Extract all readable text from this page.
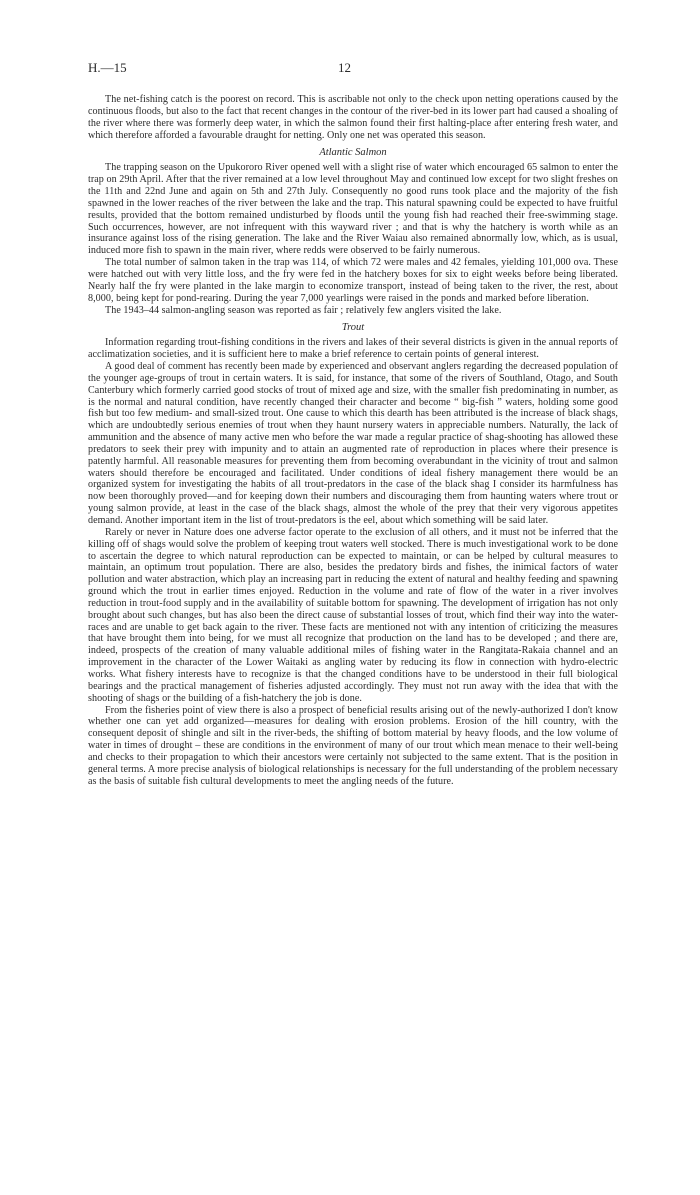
H.—15	12

The net-fishing catch is the poorest on record. This is ascribable not only to the check upon netting operations caused by the continuous floods, but also to the fact that recent changes in the contour of the river-bed in its lower part had caused a shoaling of the river where there was formerly deep water, in which the salmon found their first halting-place after entering fresh water, and which therefore afforded a favourable draught for netting. Only one net was operated this season.

Atlantic Salmon

The trapping season on the Upukororo River opened well with a slight rise of water which encouraged 65 salmon to enter the trap on 29th April. After that the river remained at a low level throughout May and continued low except for two slight freshes on the 11th and 22nd June and again on 5th and 27th July. Consequently no good runs took place and the majority of the fish spawned in the lower reaches of the river between the lake and the trap. This natural spawning could be expected to have fruitful results, provided that the bottom remained undisturbed by floods until the young fish had reached their free-swimming stage. Such occurrences, however, are not infrequent with this wayward river ; and that is why the hatchery is worth while as an insurance against loss of the rising generation. The lake and the River Waiau also remained abnormally low, which, as is usual, induced more fish to spawn in the main river, where redds were observed to be fairly numerous.

The total number of salmon taken in the trap was 114, of which 72 were males and 42 females, yielding 101,000 ova. These were hatched out with very little loss, and the fry were fed in the hatchery boxes for six to eight weeks before being liberated. Nearly half the fry were planted in the lake margin to economize transport, instead of being taken to the river, the rest, about 8,000, being kept for pond-rearing. During the year 7,000 yearlings were raised in the ponds and marked before liberation.

The 1943–44 salmon-angling season was reported as fair ; relatively few anglers visited the lake.

Trout

Information regarding trout-fishing conditions in the rivers and lakes of their several districts is given in the annual reports of acclimatization societies, and it is sufficient here to make a brief reference to certain points of general interest.

A good deal of comment has recently been made by experienced and observant anglers regarding the decreased population of the younger age-groups of trout in certain waters. It is said, for instance, that some of the rivers of Southland, Otago, and South Canterbury which formerly carried good stocks of trout of mixed age and size, with the smaller fish predominating in number, as is the normal and natural condition, have recently changed their character and become “ big-fish ” waters, holding some good fish but too few medium- and small-sized trout. One cause to which this dearth has been attributed is the increase of black shags, which are undoubtedly serious enemies of trout when they haunt nursery waters in appreciable numbers. Naturally, the lack of ammunition and the absence of many active men who before the war made a regular practice of shag-shooting has allowed these predators to seek their prey with impunity and to attain an augmented rate of reproduction in places where their presence is patently harmful. All reasonable measures for preventing them from becoming overabundant in the vicinity of trout and salmon waters should therefore be encouraged and facilitated. Under conditions of ideal fishery management there would be an organized system for investigating the habits of all trout-predators in the case of the black shag I consider its harmfulness has now been thoroughly proved—and for keeping down their numbers and discouraging them from haunting waters where trout or young salmon provide, at least in the case of the black shags, almost the whole of the prey that their very vigorous appetites demand. Another important item in the list of trout-predators is the eel, about which something will be said later.

Rarely or never in Nature does one adverse factor operate to the exclusion of all others, and it must not be inferred that the killing off of shags would solve the problem of keeping trout waters well stocked. There is much investigational work to be done to ascertain the degree to which natural reproduction can be expected to maintain, or can be helped by cultural measures to maintain, an optimum trout population. There are also, besides the predatory birds and fishes, the inimical factors of water pollution and water abstraction, which play an increasing part in reducing the extent of natural and healthy feeding and spawning ground which the trout in earlier times enjoyed. Reduction in the volume and rate of flow of the water in a river involves reduction in trout-food supply and in the availability of suitable bottom for spawning. The development of irrigation has not only brought about such changes, but has also been the direct cause of substantial losses of trout, which find their way into the water-races and are unable to get back again to the river. These facts are mentioned not with any intention of criticizing the measures that have brought them into being, for we must all recognize that production on the land has to be developed ; and there are, indeed, prospects of the creation of many valuable additional miles of fishing water in the Rangitata-Rakaia channel and an improvement in the character of the Lower Waitaki as angling water by reducing its flow in connection with hydro-electric works. What fishery interests have to recognize is that the changed conditions have to be understood in their full biological bearings and the practical management of fisheries adjusted accordingly. They must not run away with the idea that with the shooting of shags or the building of a fish-hatchery the job is done.

From the fisheries point of view there is also a prospect of beneficial results arising out of the newly-authorized I don't know whether one can yet add organized—measures for dealing with erosion problems. Erosion of the hill country, with the consequent deposit of shingle and silt in the river-beds, the shifting of bottom material by heavy floods, and the low volume of water in times of drought – these are conditions in the environment of many of our trout which mean menace to their well-being and checks to their propagation to which their ancestors were certainly not subjected to the same extent. That is the position in general terms. A more precise analysis of biological relationships is necessary for the full understanding of the problem necessary as the basis of suitable fish cultural developments to meet the angling needs of the future.
